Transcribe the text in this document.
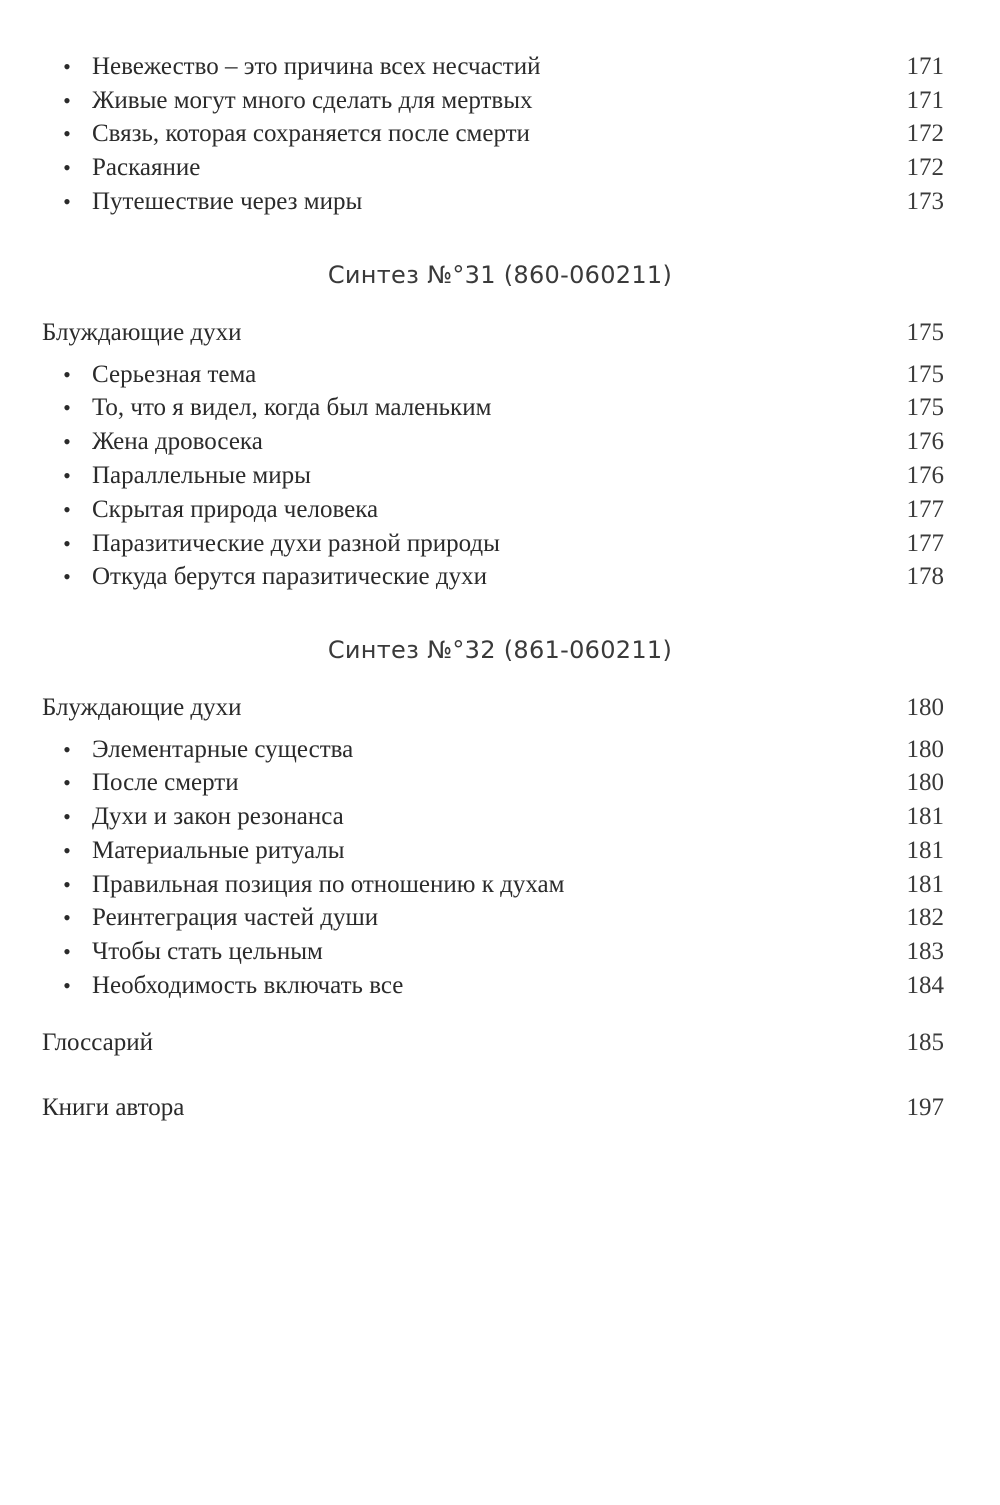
• Невежество – это причина всех несчастий	171
• Живые могут много сделать для мертвых	171
• Связь, которая сохраняется после смерти	172
• Раскаяние	172
• Путешествие через миры	173
Синтез №°31 (860-060211)
Блуждающие духи	175
• Серьезная тема	175
• То, что я видел, когда был маленьким	175
• Жена дровосека	176
• Параллельные миры	176
• Скрытая природа человека	177
• Паразитические духи разной природы	177
• Откуда берутся паразитические духи	178
Синтез №°32 (861-060211)
Блуждающие духи	180
• Элементарные существа	180
• После смерти	180
• Духи и закон резонанса	181
• Материальные ритуалы	181
• Правильная позиция по отношению к духам	181
• Реинтеграция частей души	182
• Чтобы стать цельным	183
• Необходимость включать все	184
Глоссарий	185
Книги автора	197
